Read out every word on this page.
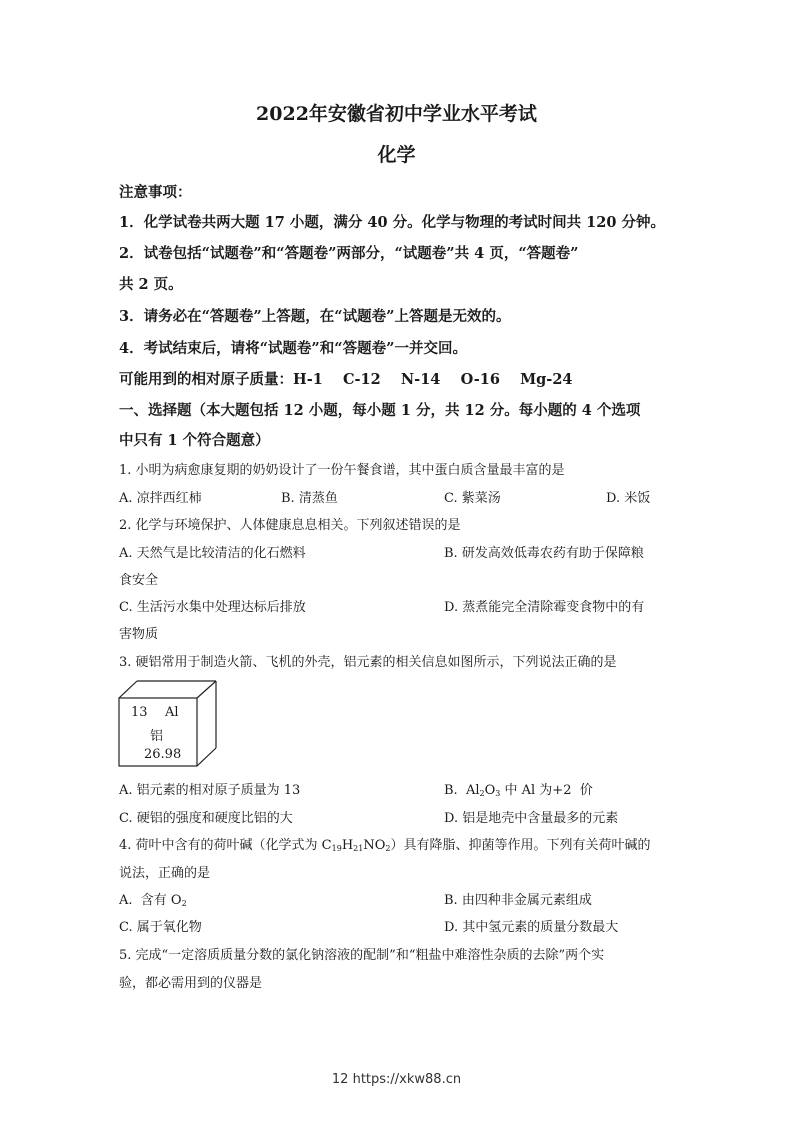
2022年安徽省初中学业水平考试
化学
注意事项：
1．化学试卷共两大题 17 小题，满分 40 分。化学与物理的考试时间共 120 分钟。
2．试卷包括“试题卷”和“答题卷”两部分，“试题卷”共 4 页，“答题卷”
共 2 页。
3．请务必在“答题卷”上答题，在“试题卷”上答题是无效的。
4．考试结束后，请将“试题卷”和“答题卷”一并交回。
可能用到的相对原子质量：H-1    C-12    N-14    O-16    Mg-24
一、选择题（本大题包括 12 小题，每小题 1 分，共 12 分。每小题的 4 个选项
中只有 1 个符合题意）
1. 小明为病愈康复期的奶奶设计了一份午餐食谱，其中蛋白质含量最丰富的是
A. 凉拌西红柿	B. 清蒸鱼	C. 紫菜汤	D. 米饭
2. 化学与环境保护、人体健康息息相关。下列叙述错误的是
A. 天然气是比较清洁的化石燃料	B. 研发高效低毒农药有助于保障粮
食安全
C. 生活污水集中处理达标后排放	D. 蒸煮能完全清除霉变食物中的有
害物质
3. 硬铝常用于制造火箭、飞机的外壳，铝元素的相关信息如图所示，下列说法正确的是
13 Al
铝
26.98
A. 铝元素的相对原子质量为 13	B.  $Al_2O_3$ 中 Al 为+2  价
C. 硬铝的强度和硬度比铝的大	D. 铝是地壳中含量最多的元素
4. 荷叶中含有的荷叶碱（化学式为 $C_{19}H_{21}NO_2$）具有降脂、抑菌等作用。下列有关荷叶碱的
说法，正确的是
A.  含有 $O_2$	B. 由四种非金属元素组成
C. 属于氧化物	D. 其中氢元素的质量分数最大
5. 完成“一定溶质质量分数的氯化钠溶液的配制”和“粗盐中难溶性杂质的去除”两个实
验，都必需用到的仪器是
12 https://xkw88.cn
